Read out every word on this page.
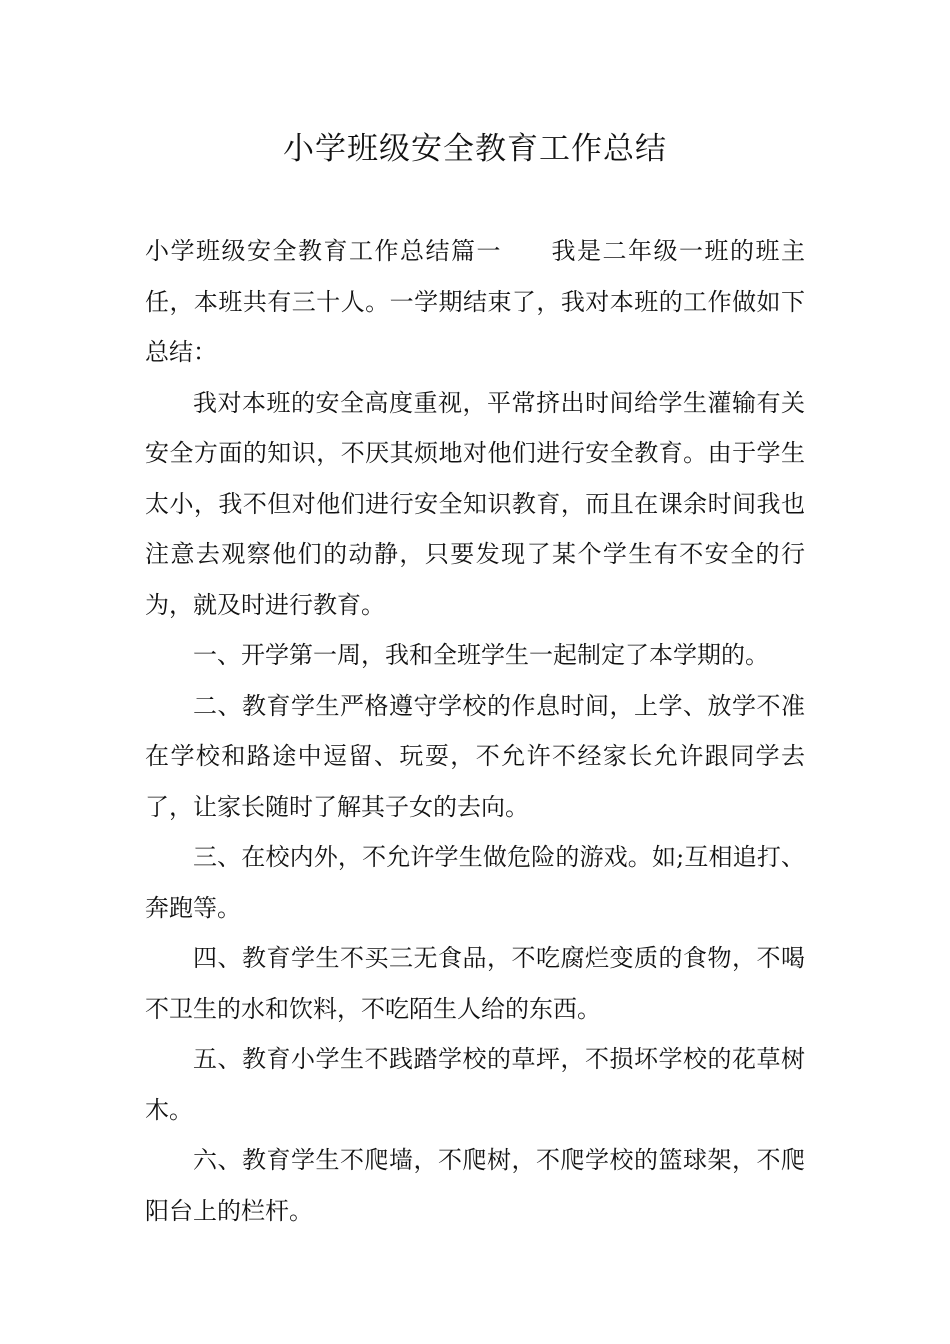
小学班级安全教育工作总结

小学班级安全教育工作总结篇一 我是二年级一班的班主任，本班共有三十人。一学期结束了，我对本班的工作做如下总结：

我对本班的安全高度重视，平常挤出时间给学生灌输有关安全方面的知识，不厌其烦地对他们进行安全教育。由于学生太小，我不但对他们进行安全知识教育，而且在课余时间我也注意去观察他们的动静，只要发现了某个学生有不安全的行为，就及时进行教育。

一、开学第一周，我和全班学生一起制定了本学期的。

二、教育学生严格遵守学校的作息时间，上学、放学不准在学校和路途中逗留、玩耍，不允许不经家长允许跟同学去了，让家长随时了解其子女的去向。

三、在校内外，不允许学生做危险的游戏。如;互相追打、奔跑等。

四、教育学生不买三无食品，不吃腐烂变质的食物，不喝不卫生的水和饮料，不吃陌生人给的东西。

五、教育小学生不践踏学校的草坪，不损坏学校的花草树木。

六、教育学生不爬墙，不爬树，不爬学校的篮球架，不爬阳台上的栏杆。
